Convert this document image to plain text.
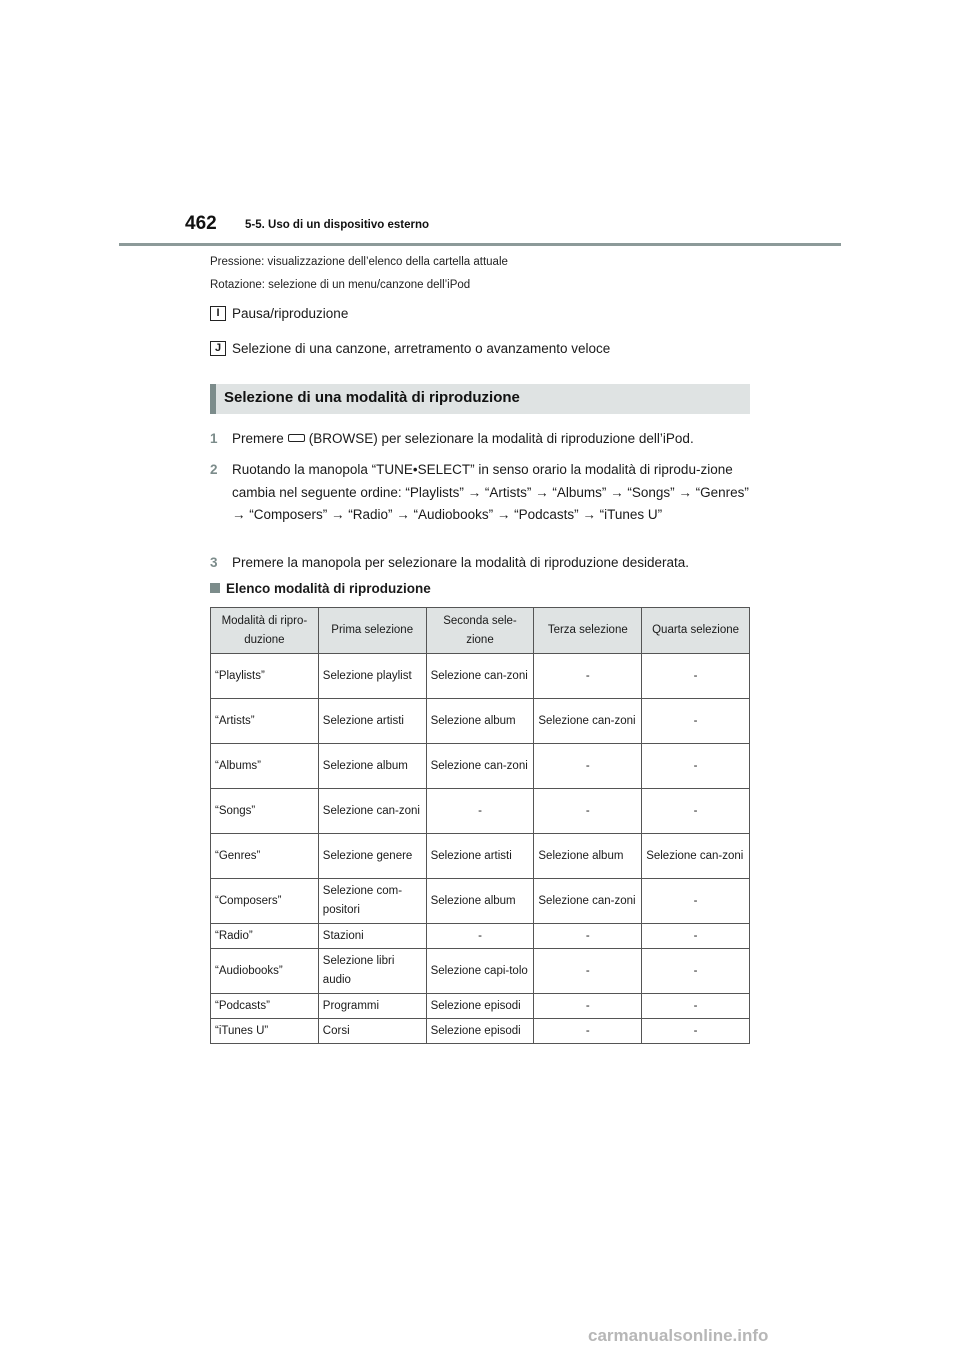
462 5-5. Uso di un dispositivo esterno
Pressione: visualizzazione dell’elenco della cartella attuale
Rotazione: selezione di un menu/canzone dell’iPod
I Pausa/riproduzione
J Selezione di una canzone, arretramento o avanzamento veloce
Selezione di una modalità di riproduzione
1 Premere (BROWSE) per selezionare la modalità di riproduzione dell’iPod.
2 Ruotando la manopola “TUNE•SELECT” in senso orario la modalità di riprodu-zione cambia nel seguente ordine: “Playlists” → “Artists” → “Albums” → “Songs” → “Genres” → “Composers” → “Radio” → “Audiobooks” → “Podcasts” → “iTunes U”
3 Premere la manopola per selezionare la modalità di riproduzione desiderata.
Elenco modalità di riproduzione
Modalità di ripro-duzione	Prima selezione	Seconda sele-zione	Terza selezione	Quarta selezione
“Playlists”	Selezione playlist	Selezione can-zoni	-	-
“Artists”	Selezione artisti	Selezione album	Selezione can-zoni	-
“Albums”	Selezione album	Selezione can-zoni	-	-
“Songs”	Selezione can-zoni	-	-	-
“Genres”	Selezione genere	Selezione artisti	Selezione album	Selezione can-zoni
“Composers”	Selezione com-positori	Selezione album	Selezione can-zoni	-
“Radio”	Stazioni	-	-	-
“Audiobooks”	Selezione libri audio	Selezione capi-tolo	-	-
“Podcasts”	Programmi	Selezione episodi	-	-
“iTunes U”	Corsi	Selezione episodi	-	-
carmanualsonline.info
